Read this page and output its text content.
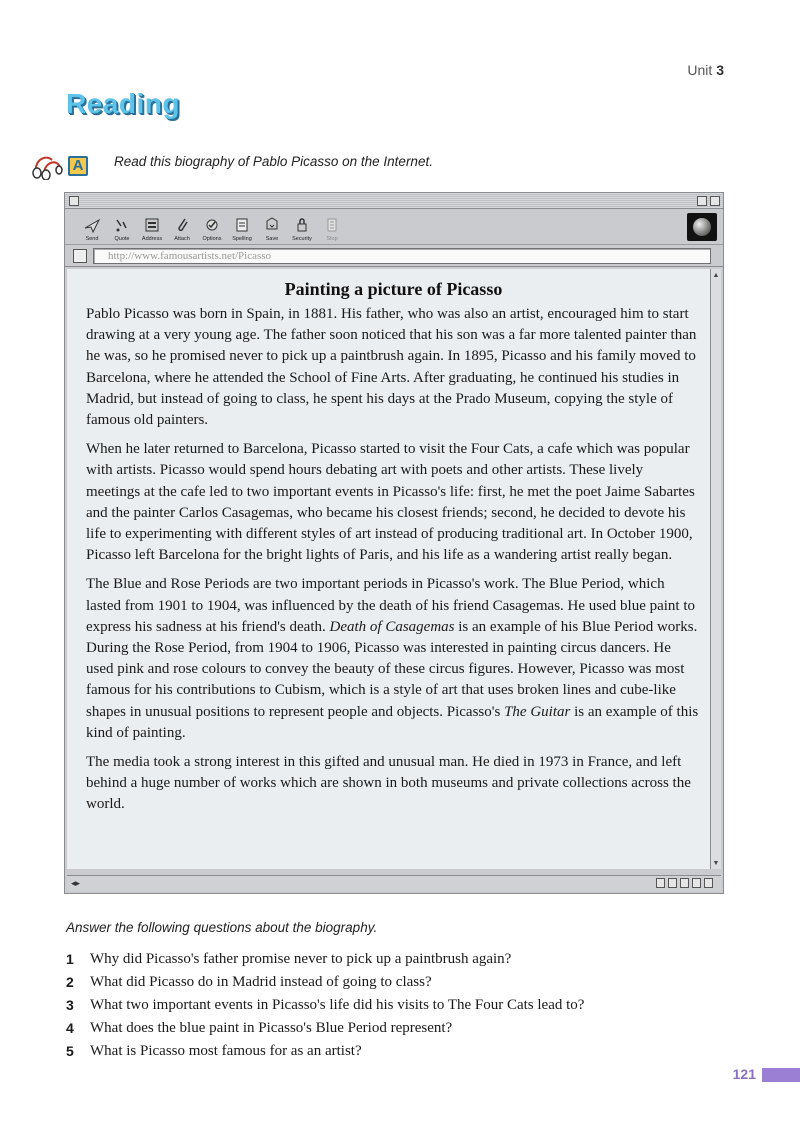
Unit 3
Reading
A	Read this biography of Pablo Picasso on the Internet.
Send	Quote Address Attach Options Spelling	Save	Security	Stop
http://www.famousartists.net/Picasso
Painting a picture of Picasso

Pablo Picasso was born in Spain, in 1881. His father, who was also an artist, encouraged him to start drawing at a very young age. The father soon noticed that his son was a far more talented painter than he was, so he promised never to pick up a paintbrush again. In 1895, Picasso and his family moved to Barcelona, where he attended the School of Fine Arts. After graduating, he continued his studies in Madrid, but instead of going to class, he spent his days at the Prado Museum, copying the style of famous old painters.

When he later returned to Barcelona, Picasso started to visit the Four Cats, a cafe which was popular with artists. Picasso would spend hours debating art with poets and other artists. These lively meetings at the cafe led to two important events in Picasso's life: first, he met the poet Jaime Sabartes and the painter Carlos Casagemas, who became his closest friends; second, he decided to devote his life to experimenting with different styles of art instead of producing traditional art. In October 1900, Picasso left Barcelona for the bright lights of Paris, and his life as a wandering artist really began.

The Blue and Rose Periods are two important periods in Picasso's work. The Blue Period, which lasted from 1901 to 1904, was influenced by the death of his friend Casagemas. He used blue paint to express his sadness at his friend's death. Death of Casagemas is an example of his Blue Period works. During the Rose Period, from 1904 to 1906, Picasso was interested in painting circus dancers. He used pink and rose colours to convey the beauty of these circus figures. However, Picasso was most famous for his contributions to Cubism, which is a style of art that uses broken lines and cube-like shapes in unusual positions to represent people and objects. Picasso's The Guitar is an example of this kind of painting.

The media took a strong interest in this gifted and unusual man. He died in 1973 in France, and left behind a huge number of works which are shown in both museums and private collections across the world.

▲
▼
◂▸
Answer the following questions about the biography.
1	Why did Picasso's father promise never to pick up a paintbrush again?
2	What did Picasso do in Madrid instead of going to class?
3	What two important events in Picasso's life did his visits to The Four Cats lead to?
4	What does the blue paint in Picasso's Blue Period represent?
5	What is Picasso most famous for as an artist?
121
